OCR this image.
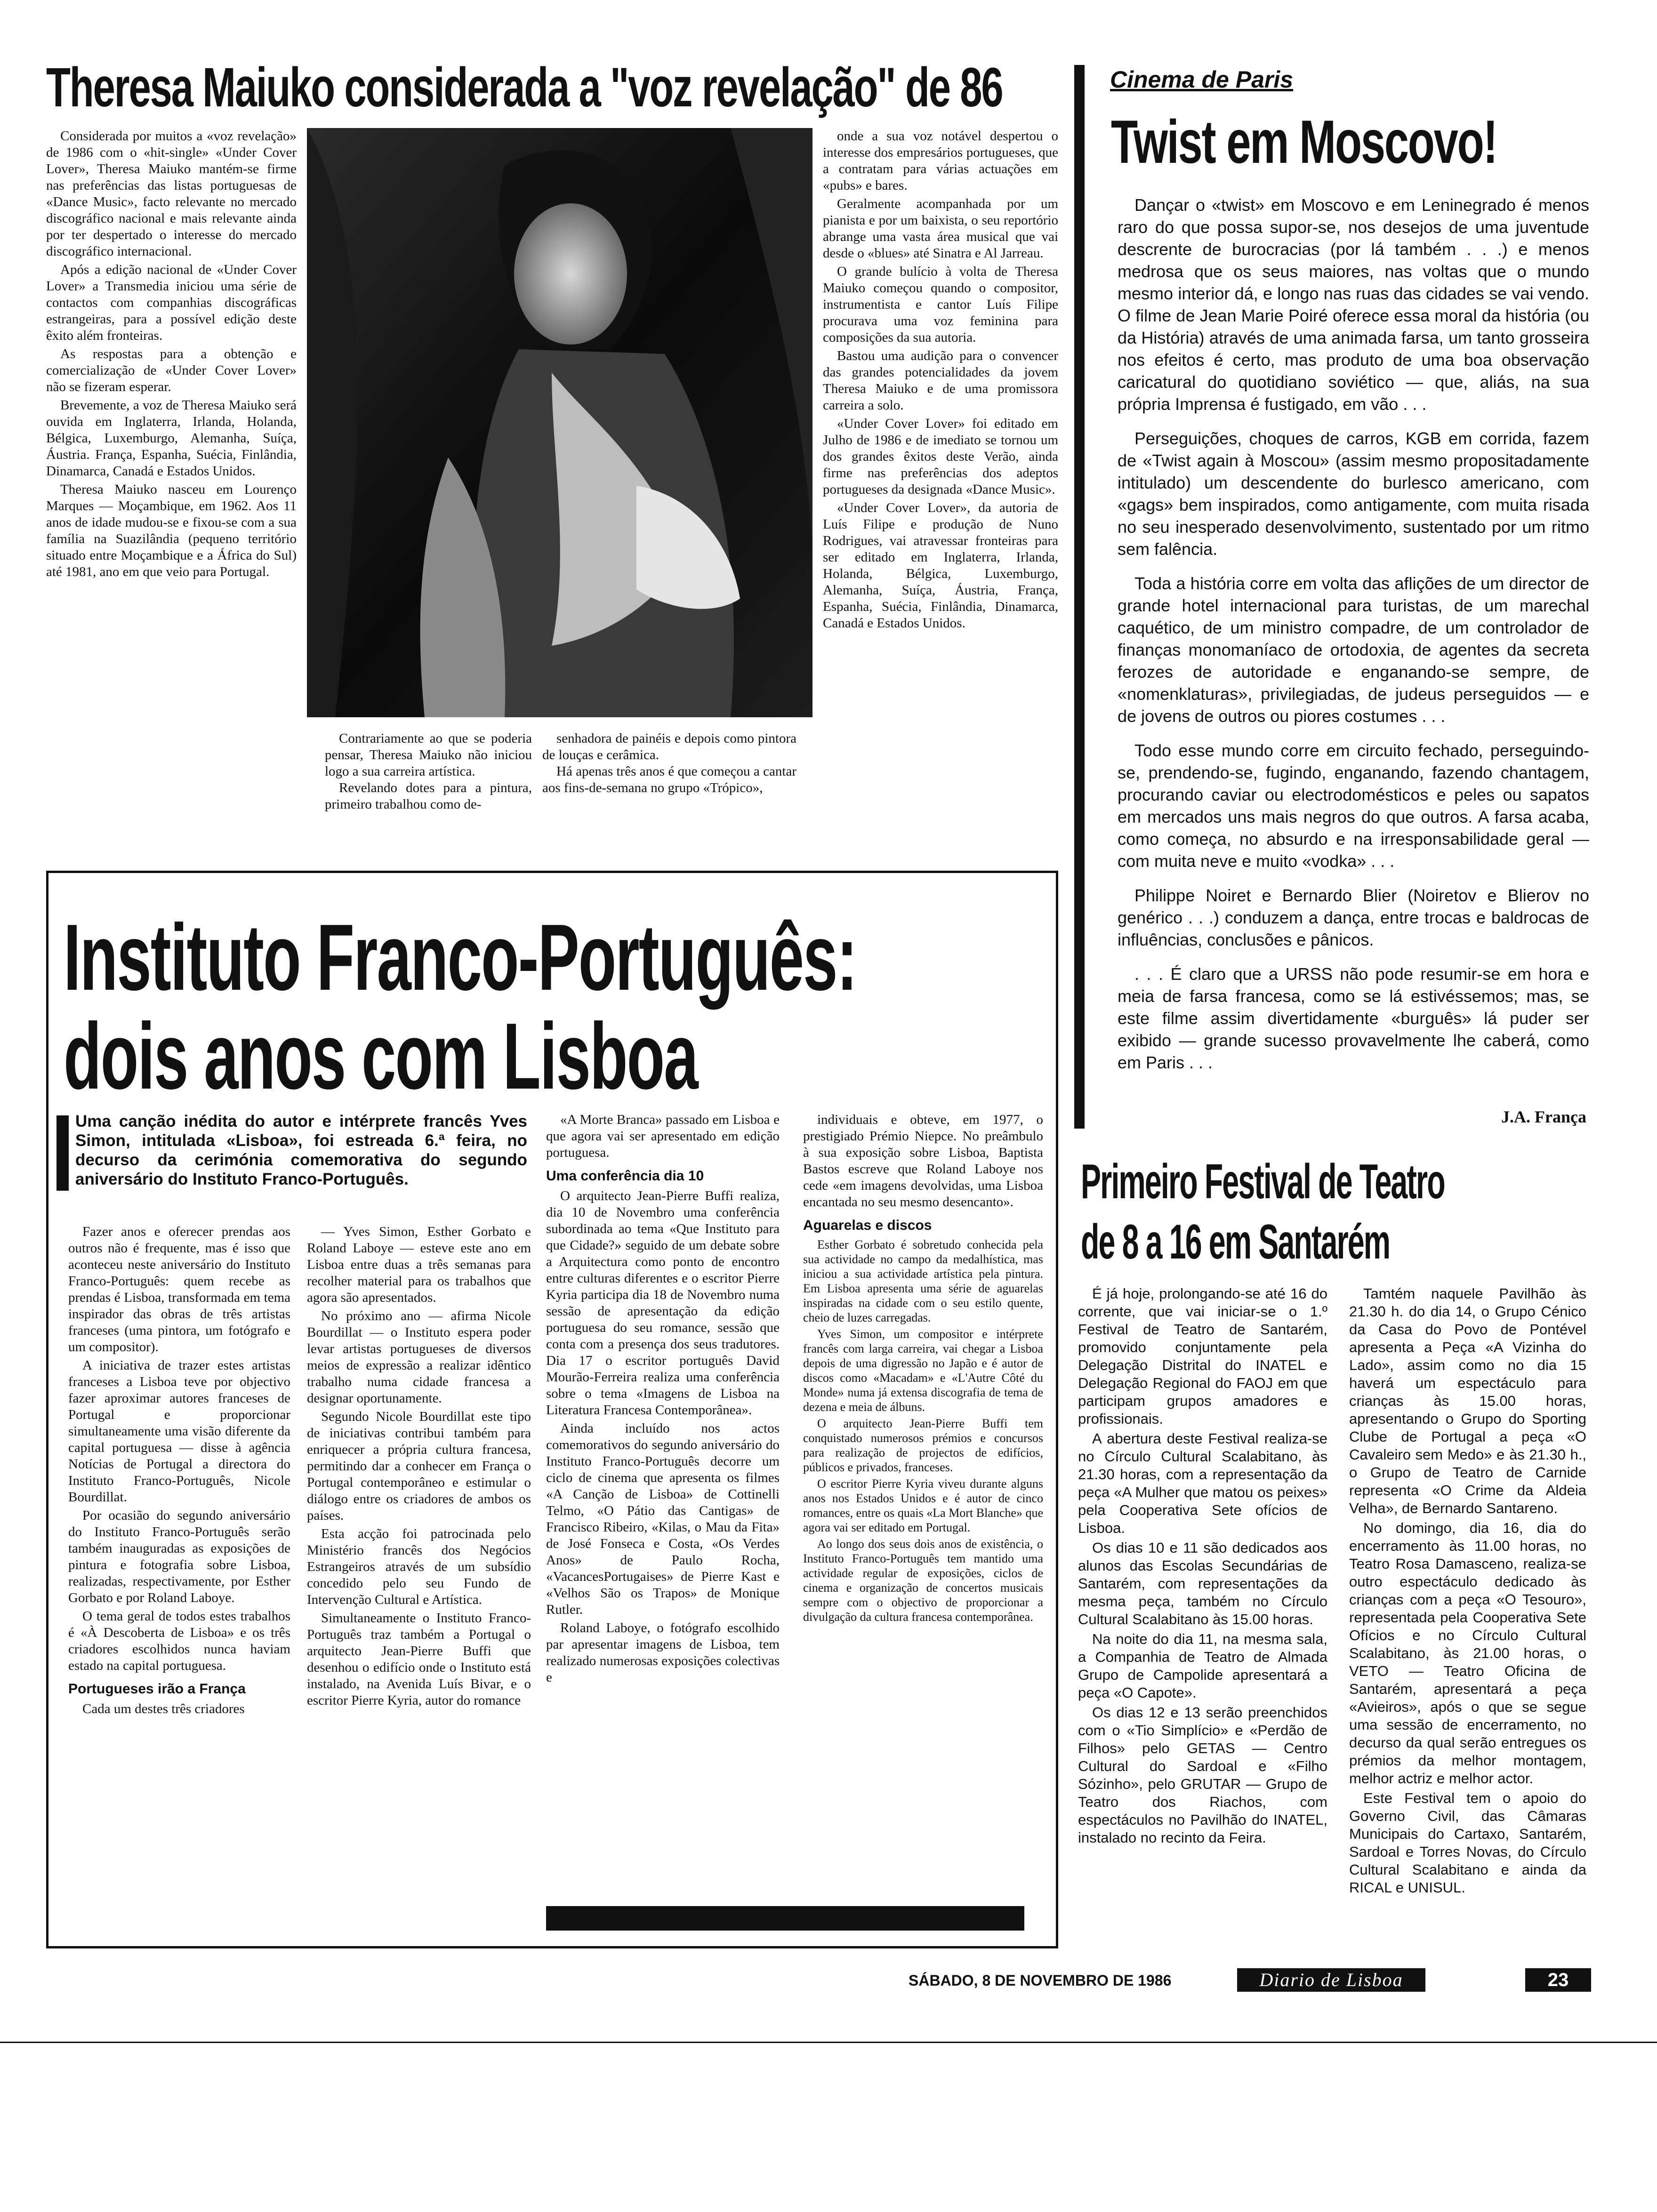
Theresa Maiuko considerada a "voz revelação" de 86

Considerada por muitos a «voz revelação» de 1986 com o «hit-single» «Under Cover Lover», Theresa Maiuko mantém-se firme nas preferências das listas portuguesas de «Dance Music», facto relevante no mercado discográfico nacional e mais relevante ainda por ter despertado o interesse do mercado discográfico internacional.

Após a edição nacional de «Under Cover Lover» a Transmedia iniciou uma série de contactos com companhias discográficas estrangeiras, para a possível edição deste êxito além fronteiras.

As respostas para a obtenção e comercialização de «Under Cover Lover» não se fizeram esperar.

Brevemente, a voz de Theresa Maiuko será ouvida em Inglaterra, Irlanda, Holanda, Bélgica, Luxemburgo, Alemanha, Suíça, Áustria. França, Espanha, Suécia, Finlândia, Dinamarca, Canadá e Estados Unidos.

Theresa Maiuko nasceu em Lourenço Marques — Moçambique, em 1962. Aos 11 anos de idade mudou-se e fixou-se com a sua família na Suazilândia (pequeno território situado entre Moçambique e a África do Sul) até 1981, ano em que veio para Portugal.

Contrariamente ao que se poderia pensar, Theresa Maiuko não iniciou logo a sua carreira artística.

Revelando dotes para a pintura, primeiro trabalhou como de-

senhadora de painéis e depois como pintora de louças e cerâmica.

Há apenas três anos é que começou a cantar aos fins-de-semana no grupo «Trópico»,

onde a sua voz notável despertou o interesse dos empresários portugueses, que a contratam para várias actuações em «pubs» e bares.

Geralmente acompanhada por um pianista e por um baixista, o seu reportório abrange uma vasta área musical que vai desde o «blues» até Sinatra e Al Jarreau.

O grande bulício à volta de Theresa Maiuko começou quando o compositor, instrumentista e cantor Luís Filipe procurava uma voz feminina para composições da sua autoria.

Bastou uma audição para o convencer das grandes potencialidades da jovem Theresa Maiuko e de uma promissora carreira a solo.

«Under Cover Lover» foi editado em Julho de 1986 e de imediato se tornou um dos grandes êxitos deste Verão, ainda firme nas preferências dos adeptos portugueses da designada «Dance Music».

«Under Cover Lover», da autoria de Luís Filipe e produção de Nuno Rodrigues, vai atravessar fronteiras para ser editado em Inglaterra, Irlanda, Holanda, Bélgica, Luxemburgo, Alemanha, Suíça, Áustria, França, Espanha, Suécia, Finlândia, Dinamarca, Canadá e Estados Unidos.

Cinema de Paris
Twist em Moscovo!

Dançar o «twist» em Moscovo e em Leninegrado é menos raro do que possa supor-se, nos desejos de uma juventude descrente de burocracias (por lá também . . .) e menos medrosa que os seus maiores, nas voltas que o mundo mesmo interior dá, e longo nas ruas das cidades se vai vendo. O filme de Jean Marie Poiré oferece essa moral da história (ou da História) através de uma animada farsa, um tanto grosseira nos efeitos é certo, mas produto de uma boa observação caricatural do quotidiano soviético — que, aliás, na sua própria Imprensa é fustigado, em vão . . .

Perseguições, choques de carros, KGB em corrida, fazem de «Twist again à Moscou» (assim mesmo propositadamente intitulado) um descendente do burlesco americano, com «gags» bem inspirados, como antigamente, com muita risada no seu inesperado desenvolvimento, sustentado por um ritmo sem falência.

Toda a história corre em volta das aflições de um director de grande hotel internacional para turistas, de um marechal caquético, de um ministro compadre, de um controlador de finanças monomaníaco de ortodoxia, de agentes da secreta ferozes de autoridade e enganando-se sempre, de «nomenklaturas», privilegiadas, de judeus perseguidos — e de jovens de outros ou piores costumes . . .

Todo esse mundo corre em circuito fechado, perseguindo-se, prendendo-se, fugindo, enganando, fazendo chantagem, procurando caviar ou electrodomésticos e peles ou sapatos em mercados uns mais negros do que outros. A farsa acaba, como começa, no absurdo e na irresponsabilidade geral — com muita neve e muito «vodka» . . .

Philippe Noiret e Bernardo Blier (Noiretov e Blierov no genérico . . .) conduzem a dança, entre trocas e baldrocas de influências, conclusões e pânicos.

. . . É claro que a URSS não pode resumir-se em hora e meia de farsa francesa, como se lá estivéssemos; mas, se este filme assim divertidamente «burguês» lá puder ser exibido — grande sucesso provavelmente lhe caberá, como em Paris . . .

J.A. França
Instituto Franco-Português:
dois anos com Lisboa
Uma canção inédita do autor e intérprete francês Yves Simon, intitulada «Lisboa», foi estreada 6.ª feira, no decurso da cerimónia comemorativa do segundo aniversário do Instituto Franco-Português.

Fazer anos e oferecer prendas aos outros não é frequente, mas é isso que aconteceu neste aniversário do Instituto Franco-Português: quem recebe as prendas é Lisboa, transformada em tema inspirador das obras de três artistas franceses (uma pintora, um fotógrafo e um compositor).

A iniciativa de trazer estes artistas franceses a Lisboa teve por objectivo fazer aproximar autores franceses de Portugal e proporcionar simultaneamente uma visão diferente da capital portuguesa — disse à agência Notícias de Portugal a directora do Instituto Franco-Português, Nicole Bourdillat.

Por ocasião do segundo aniversário do Instituto Franco-Português serão também inauguradas as exposições de pintura e fotografia sobre Lisboa, realizadas, respectivamente, por Esther Gorbato e por Roland Laboye.

O tema geral de todos estes trabalhos é «À Descoberta de Lisboa» e os três criadores escolhidos nunca haviam estado na capital portuguesa.

Portugueses irão a França

Cada um destes três criadores

— Yves Simon, Esther Gorbato e Roland Laboye — esteve este ano em Lisboa entre duas a três semanas para recolher material para os trabalhos que agora são apresentados.

No próximo ano — afirma Nicole Bourdillat — o Instituto espera poder levar artistas portugueses de diversos meios de expressão a realizar idêntico trabalho numa cidade francesa a designar oportunamente.

Segundo Nicole Bourdillat este tipo de iniciativas contribui também para enriquecer a própria cultura francesa, permitindo dar a conhecer em França o Portugal contemporâneo e estimular o diálogo entre os criadores de ambos os países.

Esta acção foi patrocinada pelo Ministério francês dos Negócios Estrangeiros através de um subsídio concedido pelo seu Fundo de Intervenção Cultural e Artística.

Simultaneamente o Instituto Franco-Português traz também a Portugal o arquitecto Jean-Pierre Buffi que desenhou o edifício onde o Instituto está instalado, na Avenida Luís Bivar, e o escritor Pierre Kyria, autor do romance

«A Morte Branca» passado em Lisboa e que agora vai ser apresentado em edição portuguesa.

Uma conferência dia 10

O arquitecto Jean-Pierre Buffi realiza, dia 10 de Novembro uma conferência subordinada ao tema «Que Instituto para que Cidade?» seguido de um debate sobre a Arquitectura como ponto de encontro entre culturas diferentes e o escritor Pierre Kyria participa dia 18 de Novembro numa sessão de apresentação da edição portuguesa do seu romance, sessão que conta com a presença dos seus tradutores. Dia 17 o escritor português David Mourão-Ferreira realiza uma conferência sobre o tema «Imagens de Lisboa na Literatura Francesa Contemporânea».

Ainda incluído nos actos comemorativos do segundo aniversário do Instituto Franco-Português decorre um ciclo de cinema que apresenta os filmes «A Canção de Lisboa» de Cottinelli Telmo, «O Pátio das Cantigas» de Francisco Ribeiro, «Kilas, o Mau da Fita» de José Fonseca e Costa, «Os Verdes Anos» de Paulo Rocha, «VacancesPortugaises» de Pierre Kast e «Velhos São os Trapos» de Monique Rutler.

Roland Laboye, o fotógrafo escolhido par apresentar imagens de Lisboa, tem realizado numerosas exposições colectivas e

individuais e obteve, em 1977, o prestigiado Prémio Niepce. No preâmbulo à sua exposição sobre Lisboa, Baptista Bastos escreve que Roland Laboye nos cede «em imagens devolvidas, uma Lisboa encantada no seu mesmo desencanto».

Aguarelas e discos

Esther Gorbato é sobretudo conhecida pela sua actividade no campo da medalhística, mas iniciou a sua actividade artística pela pintura. Em Lisboa apresenta uma série de aguarelas inspiradas na cidade com o seu estilo quente, cheio de luzes carregadas.

Yves Simon, um compositor e intérprete francês com larga carreira, vai chegar a Lisboa depois de uma digressão no Japão e é autor de discos como «Macadam» e «L'Autre Côté du Monde» numa já extensa discografia de tema de dezena e meia de álbuns.

O arquitecto Jean-Pierre Buffi tem conquistado numerosos prémios e concursos para realização de projectos de edifícios, públicos e privados, franceses.

O escritor Pierre Kyria viveu durante alguns anos nos Estados Unidos e é autor de cinco romances, entre os quais «La Mort Blanche» que agora vai ser editado em Portugal.

Ao longo dos seus dois anos de existência, o Instituto Franco-Português tem mantido uma actividade regular de exposições, ciclos de cinema e organização de concertos musicais sempre com o objectivo de proporcionar a divulgação da cultura francesa contemporânea.

Primeiro Festival de Teatro
de 8 a 16 em Santarém

É já hoje, prolongando-se até 16 do corrente, que vai iniciar-se o 1.º Festival de Teatro de Santarém, promovido conjuntamente pela Delegação Distrital do INATEL e Delegação Regional do FAOJ em que participam grupos amadores e profissionais.

A abertura deste Festival realiza-se no Círculo Cultural Scalabitano, às 21.30 horas, com a representação da peça «A Mulher que matou os peixes» pela Cooperativa Sete ofícios de Lisboa.

Os dias 10 e 11 são dedicados aos alunos das Escolas Secundárias de Santarém, com representações da mesma peça, também no Círculo Cultural Scalabitano às 15.00 horas.

Na noite do dia 11, na mesma sala, a Companhia de Teatro de Almada Grupo de Campolide apresentará a peça «O Capote».

Os dias 12 e 13 serão preenchidos com o «Tio Simplício» e «Perdão de Filhos» pelo GETAS — Centro Cultural do Sardoal e «Filho Sózinho», pelo GRUTAR — Grupo de Teatro dos Riachos, com espectáculos no Pavilhão do INATEL, instalado no recinto da Feira.

Tamtém naquele Pavilhão às 21.30 h. do dia 14, o Grupo Cénico da Casa do Povo de Pontével apresenta a Peça «A Vizinha do Lado», assim como no dia 15 haverá um espectáculo para crianças às 15.00 horas, apresentando o Grupo do Sporting Clube de Portugal a peça «O Cavaleiro sem Medo» e às 21.30 h., o Grupo de Teatro de Carnide representa «O Crime da Aldeia Velha», de Bernardo Santareno.

No domingo, dia 16, dia do encerramento às 11.00 horas, no Teatro Rosa Damasceno, realiza-se outro espectáculo dedicado às crianças com a peça «O Tesouro», representada pela Cooperativa Sete Ofícios e no Círculo Cultural Scalabitano, às 21.00 horas, o VETO — Teatro Oficina de Santarém, apresentará a peça «Avieiros», após o que se segue uma sessão de encerramento, no decurso da qual serão entregues os prémios da melhor montagem, melhor actriz e melhor actor.

Este Festival tem o apoio do Governo Civil, das Câmaras Municipais do Cartaxo, Santarém, Sardoal e Torres Novas, do Círculo Cultural Scalabitano e ainda da RICAL e UNISUL.

SÁBADO, 8 DE NOVEMBRO DE 1986	Diario de Lisboa	23
